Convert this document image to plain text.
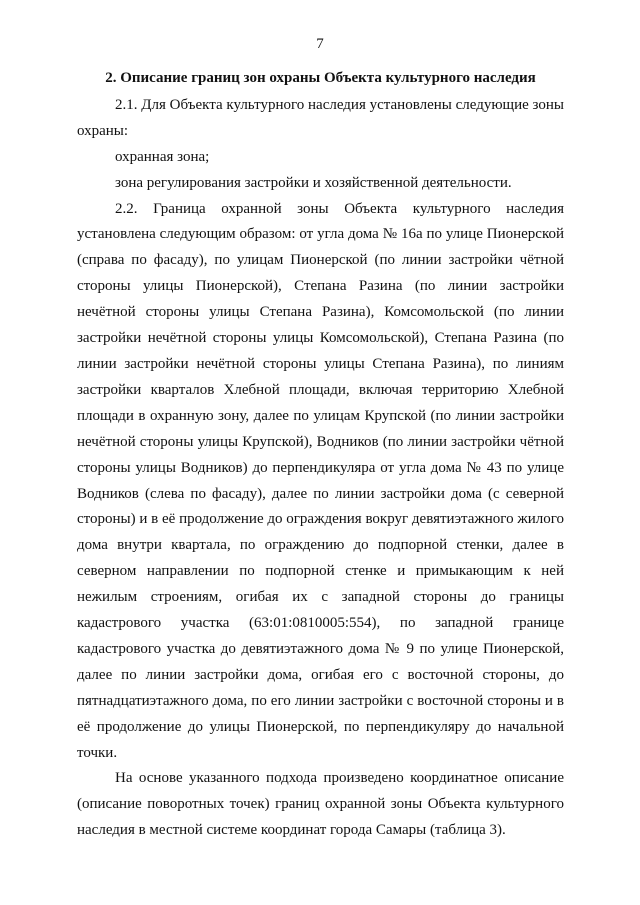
7

2. Описание границ зон охраны Объекта культурного наследия

2.1. Для Объекта культурного наследия установлены следующие зоны охраны:

охранная зона;

зона регулирования застройки и хозяйственной деятельности.

2.2. Граница охранной зоны Объекта культурного наследия установлена следующим образом: от угла дома № 16а по улице Пионерской (справа по фасаду), по улицам Пионерской (по линии застройки чётной стороны улицы Пионерской), Степана Разина (по линии застройки нечётной стороны улицы Степана Разина), Комсомольской (по линии застройки нечётной стороны улицы Комсомольской), Степана Разина (по линии застройки нечётной стороны улицы Степана Разина), по линиям застройки кварталов Хлебной площади, включая территорию Хлебной площади в охранную зону, далее по улицам Крупской (по линии застройки нечётной стороны улицы Крупской), Водников (по линии застройки чётной стороны улицы Водников) до перпендикуляра от угла дома № 43 по улице Водников (слева по фасаду), далее по линии застройки дома (с северной стороны) и в её продолжение до ограждения вокруг девятиэтажного жилого дома внутри квартала, по ограждению до подпорной стенки, далее в северном направлении по подпорной стенке и примыкающим к ней нежилым строениям, огибая их с западной стороны до границы кадастрового участка (63:01:0810005:554), по западной границе кадастрового участка до девятиэтажного дома № 9 по улице Пионерской, далее по линии застройки дома, огибая его с восточной стороны, до пятнадцатиэтажного дома, по его линии застройки с восточной стороны и в её продолжение до улицы Пионерской, по перпендикуляру до начальной точки.

На основе указанного подхода произведено координатное описание (описание поворотных точек) границ охранной зоны Объекта культурного наследия в местной системе координат города Самары (таблица 3).
